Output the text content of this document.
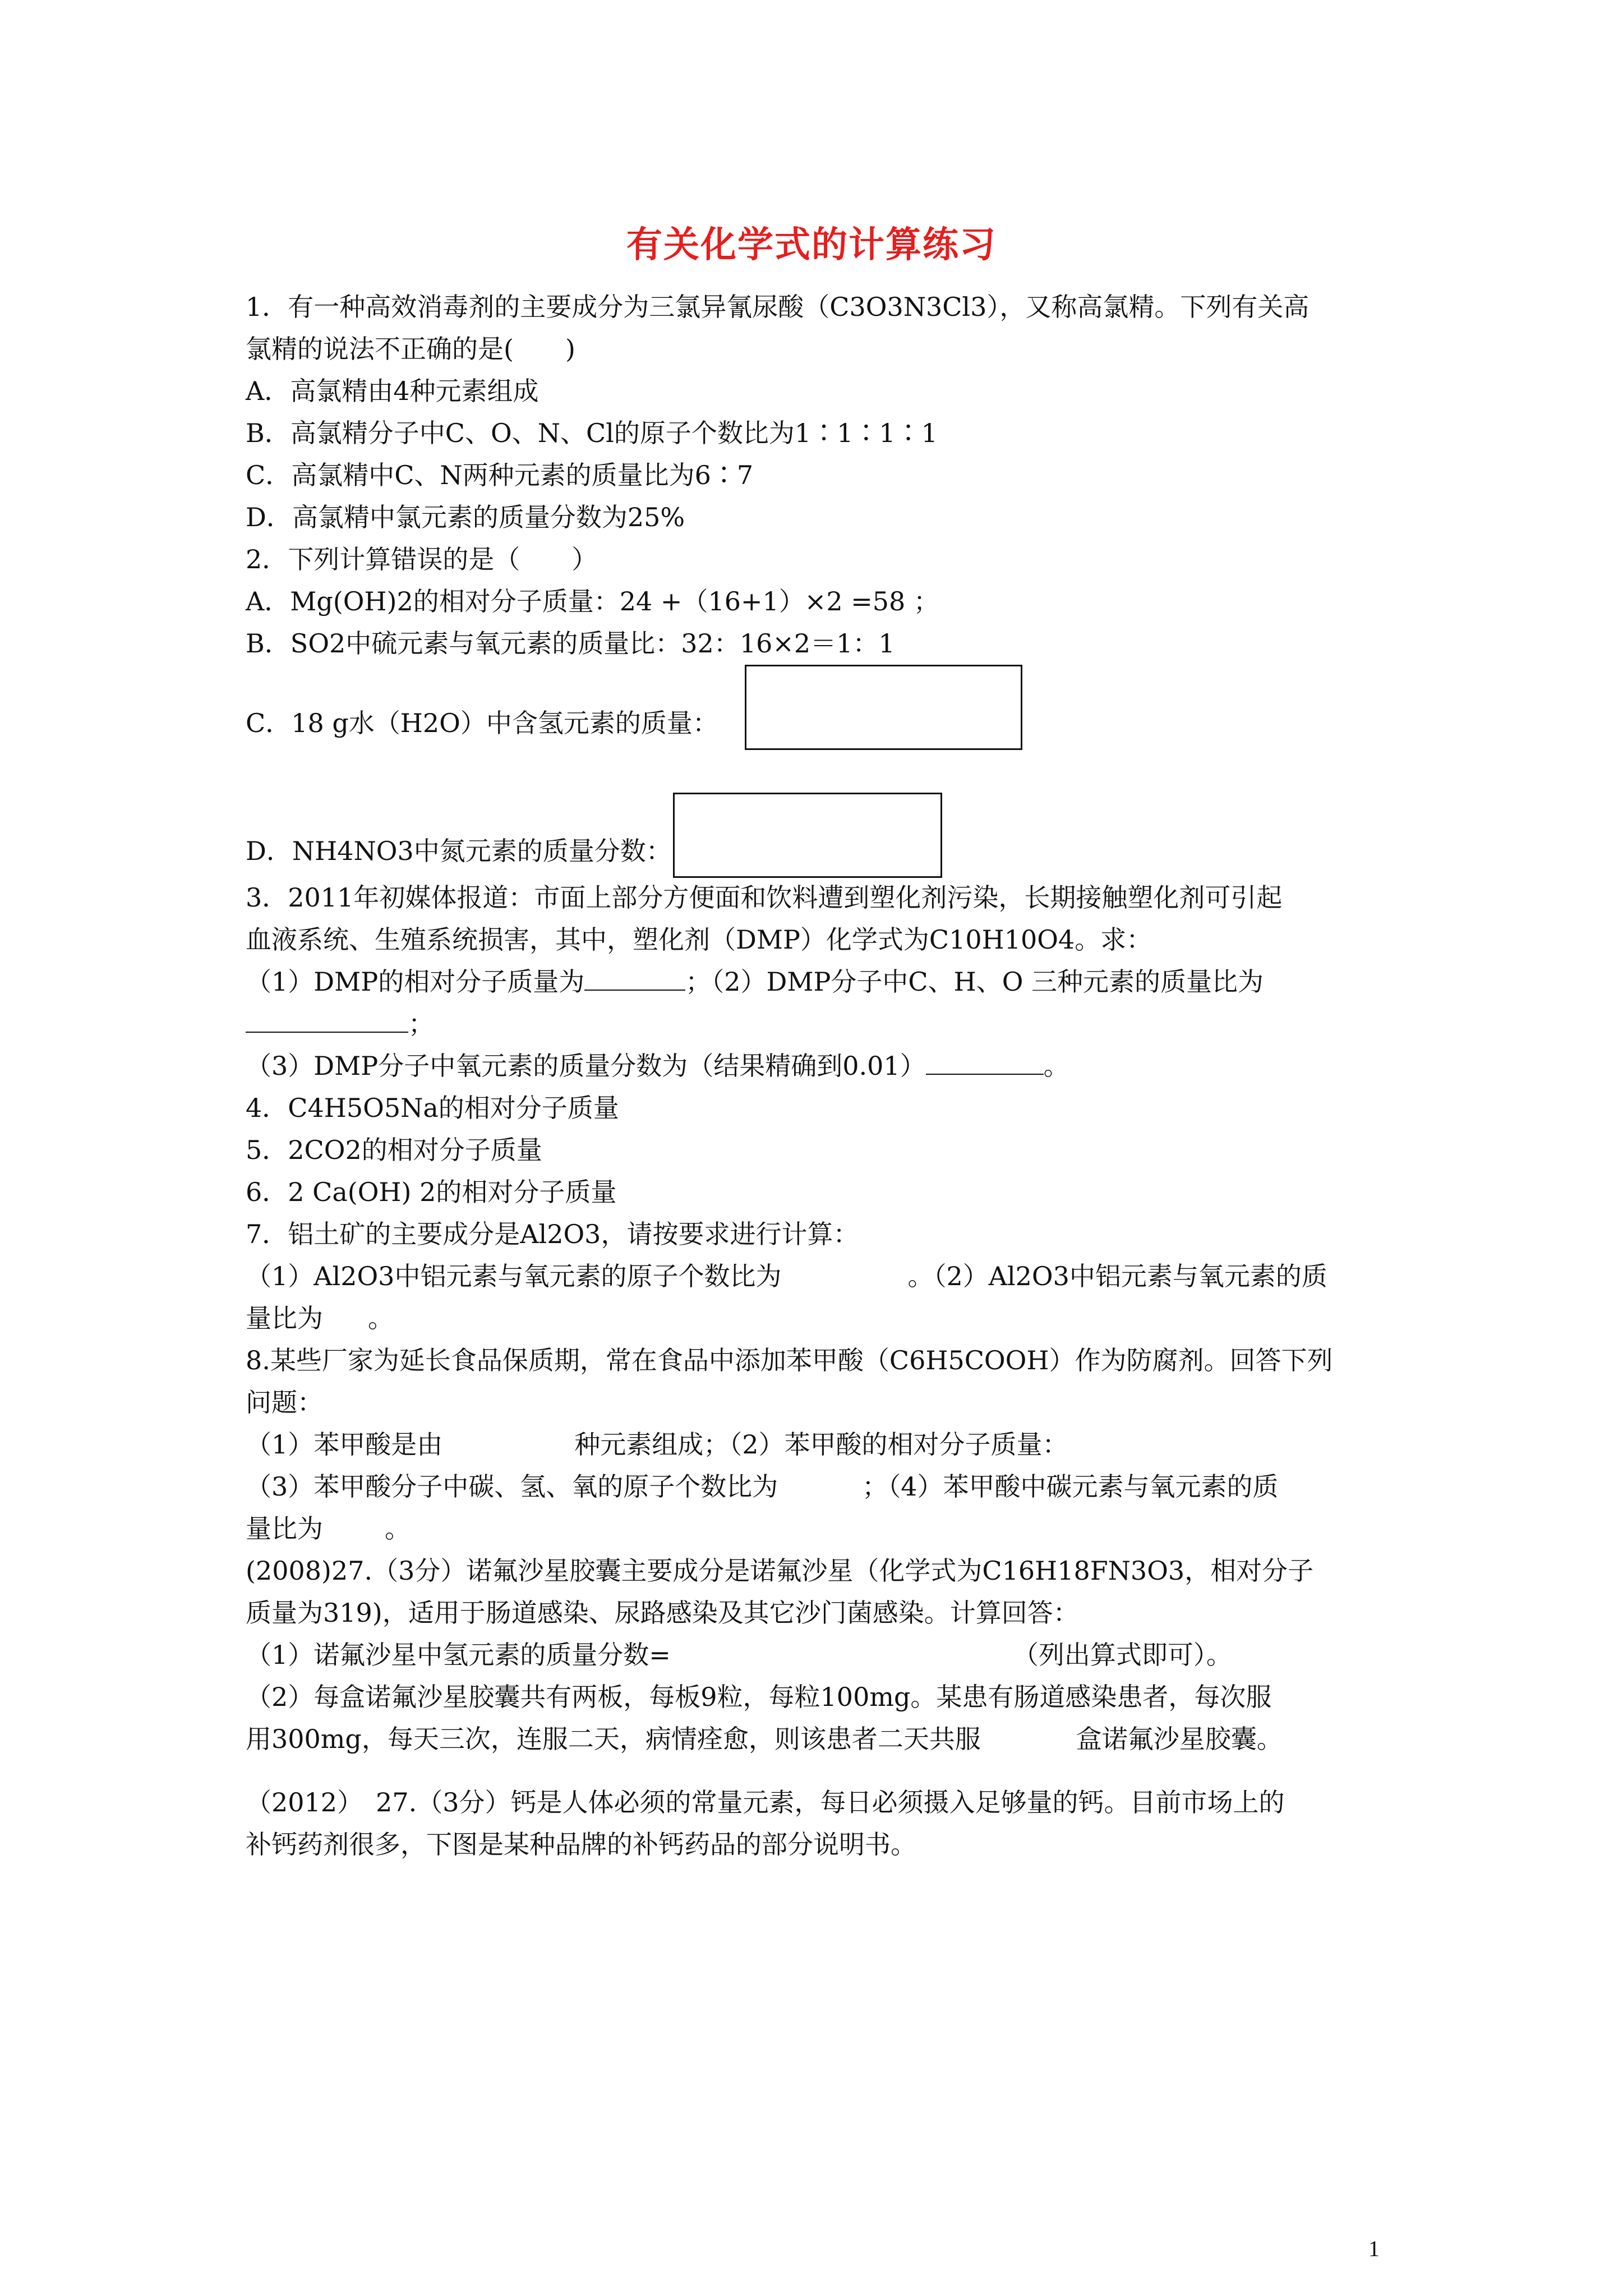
有关化学式的计算练习
1．有一种高效消毒剂的主要成分为三氯异氰尿酸（C3O3N3Cl3），又称高氯精。下列有关高
氯精的说法不正确的是(　　)
A．高氯精由4种元素组成
B．高氯精分子中C、O、N、Cl的原子个数比为1∶1∶1∶1
C．高氯精中C、N两种元素的质量比为6∶7
D．高氯精中氯元素的质量分数为25%
2．下列计算错误的是（　　）
A．Mg(OH)2的相对分子质量：24 +（16+1）×2 =58 ；
B．SO2中硫元素与氧元素的质量比：32：16×2＝1：1
C．18 g水（H2O）中含氢元素的质量：
D．NH4NO3中氮元素的质量分数：
3．2011年初媒体报道：市面上部分方便面和饮料遭到塑化剂污染，长期接触塑化剂可引起
血液系统、生殖系统损害，其中，塑化剂（DMP）化学式为C10H10O4。求：
（1）DMP的相对分子质量为	；（2）DMP分子中C、H、O 三种元素的质量比为
；
（3）DMP分子中氧元素的质量分数为（结果精确到0.01）	。
4．C4H5O5Na的相对分子质量
5．2CO2的相对分子质量
6．2 Ca(OH) 2的相对分子质量
7．铝土矿的主要成分是Al2O3，请按要求进行计算：
（1）Al2O3中铝元素与氧元素的原子个数比为	。（2）Al2O3中铝元素与氧元素的质
量比为 。
8.某些厂家为延长食品保质期，常在食品中添加苯甲酸（C6H5COOH）作为防腐剂。回答下列
问题：
（1）苯甲酸是由	种元素组成；（2）苯甲酸的相对分子质量：
（3）苯甲酸分子中碳、氢、氧的原子个数比为	；（4）苯甲酸中碳元素与氧元素的质
量比为 。
(2008)27.（3分）诺氟沙星胶囊主要成分是诺氟沙星（化学式为C16H18FN3O3，相对分子
质量为319)，适用于肠道感染、尿路感染及其它沙门菌感染。计算回答：
（1）诺氟沙星中氢元素的质量分数=	（列出算式即可）。
（2）每盒诺氟沙星胶囊共有两板，每板9粒，每粒100mg。某患有肠道感染患者，每次服
用300mg，每天三次，连服二天，病情痊愈，则该患者二天共服	盒诺氟沙星胶囊。
（2012）　27.（3分）钙是人体必须的常量元素，每日必须摄入足够量的钙。目前市场上的
补钙药剂很多，下图是某种品牌的补钙药品的部分说明书。
1
